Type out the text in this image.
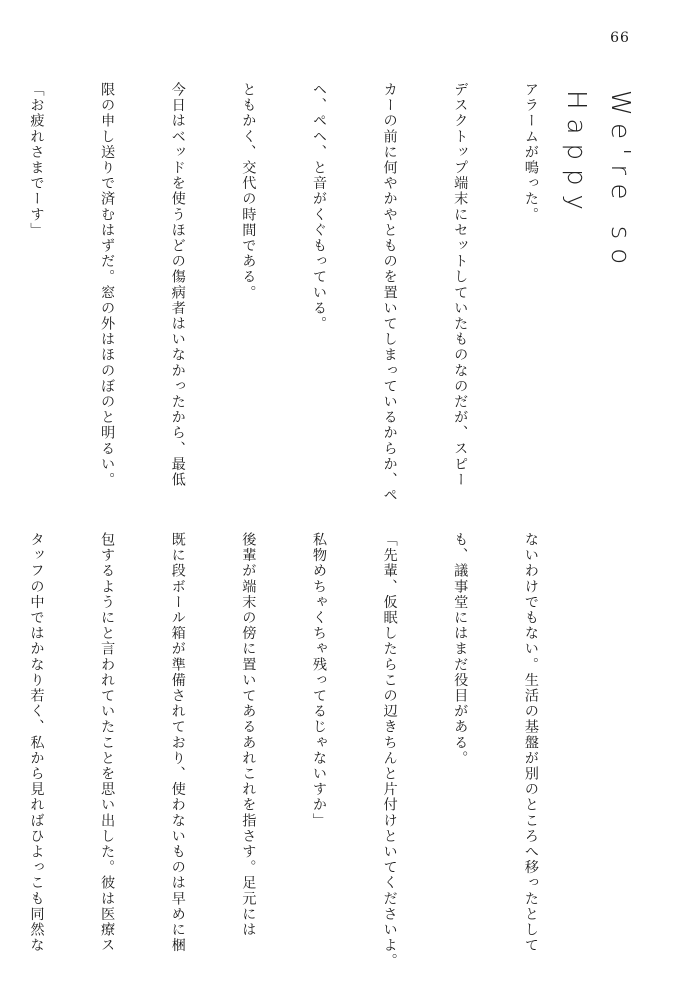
66
We're so Happy

アラームが鳴った。

デスクトップ端末にセットしていたものなのだが、スピー

カーの前に何やかやとものを置いてしまっているからか、ペ

ヘ、ペヘ、と音がくぐもっている。

ともかく、交代の時間である。

今日はベッドを使うほどの傷病者はいなかったから、最低

限の申し送りで済むはずだ。窓の外はほのぼのと明るい。

「お疲れさまでーす」

ないわけでもない。生活の基盤が別のところへ移ったとして

も、議事堂にはまだ役目がある。

「先輩、仮眠したらこの辺きちんと片付けといてくださいよ。

私物めちゃくちゃ残ってるじゃないすか」

後輩が端末の傍に置いてあるあれこれを指さす。足元には

既に段ボール箱が準備されており、使わないものは早めに梱

包するようにと言われていたことを思い出した。彼は医療ス

タッフの中ではかなり若く、私から見ればひよっこも同然な
